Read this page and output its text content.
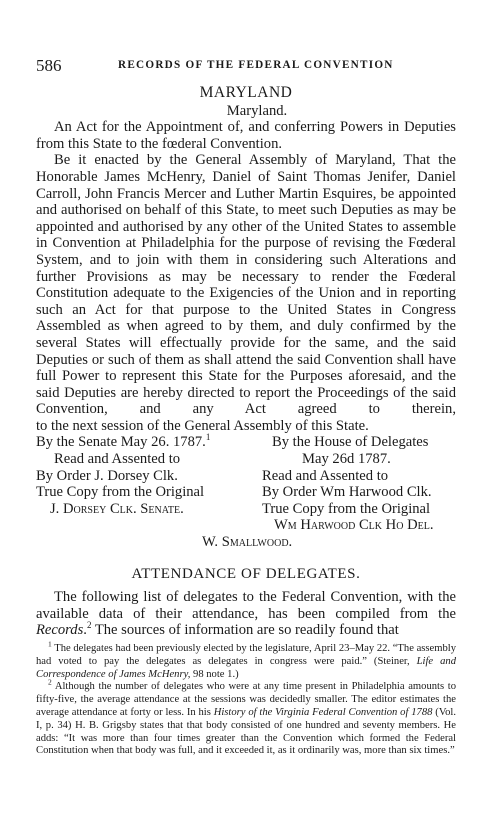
586	RECORDS OF THE FEDERAL CONVENTION
MARYLAND
Maryland.

An Act for the Appointment of, and conferring Powers in Deputies from this State to the fœderal Convention.

Be it enacted by the General Assembly of Maryland, That the Honorable James McHenry, Daniel of Saint Thomas Jenifer, Daniel Carroll, John Francis Mercer and Luther Martin Esquires, be appointed and authorised on behalf of this State, to meet such Deputies as may be appointed and authorised by any other of the United States to assemble in Convention at Philadelphia for the purpose of revising the Fœderal System, and to join with them in considering such Alterations and further Provisions as may be necessary to render the Fœderal Constitution adequate to the Exigencies of the Union and in reporting such an Act for that purpose to the United States in Congress Assembled as when agreed to by them, and duly confirmed by the several States will effectually provide for the same, and the said Deputies or such of them as shall attend the said Convention shall have full Power to represent this State for the Purposes aforesaid, and the said Deputies are hereby directed to report the Proceedings of the said Convention, and any Act agreed to therein,

to the next session of the General Assembly of this State.

By the Senate May 26. 1787.$^1$	By the House of Delegates
Read and Assented to	May 26d 1787.
By Order J. Dorsey Clk.	Read and Assented to
True Copy from the Original	By Order Wm Harwood Clk.
J. Dorsey Clk. Senate.	True Copy from the Original
Wm Harwood Clk Ho Del.
W. Smallwood.
ATTENDANCE OF DELEGATES.

The following list of delegates to the Federal Convention, with the available data of their attendance, has been compiled from the Records.$^2$ The sources of information are so readily found that

$^1$ The delegates had been previously elected by the legislature, April 23–May 22. “The assembly had voted to pay the delegates as delegates in congress were paid.” (Steiner, Life and Correspondence of James McHenry, 98 note 1.)

$^2$ Although the number of delegates who were at any time present in Philadelphia amounts to fifty-five, the average attendance at the sessions was decidedly smaller. The editor estimates the average attendance at forty or less. In his History of the Virginia Federal Convention of 1788 (Vol. I, p. 34) H. B. Grigsby states that that body consisted of one hundred and seventy members. He adds: “It was more than four times greater than the Convention which formed the Federal Constitution when that body was full, and it exceeded it, as it ordinarily was, more than six times.”
